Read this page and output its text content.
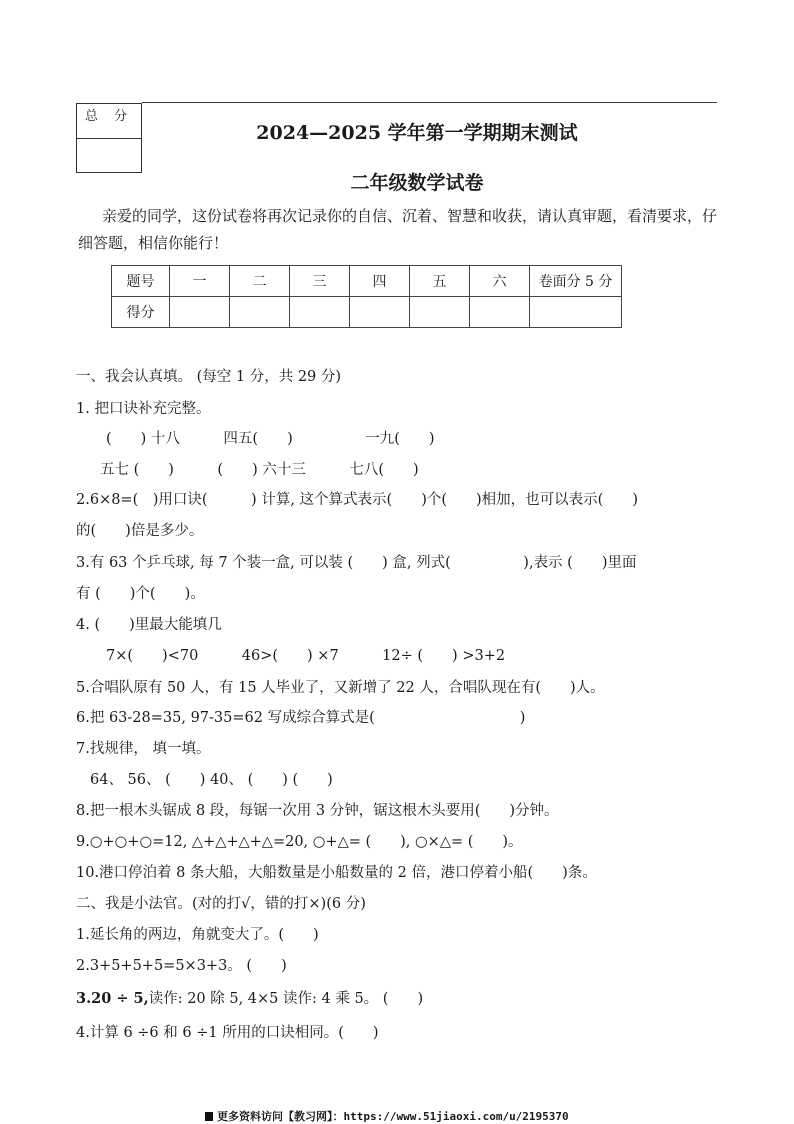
总 分
2024—2025 学年第一学期期末测试
二年级数学试卷
亲爱的同学，这份试卷将再次记录你的自信、沉着、智慧和收获，请认真审题，看清要求，仔细答题，相信你能行！
题号	一	二	三	四	五	六	卷面分 5 分
得分							
一、我会认真填。 (每空 1 分，共 29 分)
1. 把口诀补充完整。
(　　) 十八　　　四五(　　)　　　　　一九(　　)
五七 (　　)　　　(　　) 六十三　　　七八(　　)
2.6×8=(　)用口诀(　　　) 计算, 这个算式表示(　　)个(　　)相加，也可以表示(　　)
的(　　)倍是多少。
3.有 63 个乒乓球, 每 7 个装一盒, 可以装 (　　) 盒, 列式(　　　　　),表示 (　　)里面
有 (　　)个(　　)。
4. (　　)里最大能填几
7×(　　)<70　　　46>(　　) ×7　　　12÷ (　　) >3+2
5.合唱队原有 50 人，有 15 人毕业了，又新增了 22 人，合唱队现在有(　　)人。
6.把 63-28=35, 97-35=62 写成综合算式是(　　　　　　　　　　)
7.找规律， 填一填。
64、 56、 (　　) 40、 (　　) (　　)
8.把一根木头锯成 8 段，每锯一次用 3 分钟，锯这根木头要用(　　)分钟。
9.○+○+○=12, △+△+△+△=20, ○+△= (　　), ○×△= (　　)。
10.港口停泊着 8 条大船，大船数量是小船数量的 2 倍，港口停着小船(　　)条。
二、我是小法官。(对的打√，错的打×)(6 分)
1.延长角的两边，角就变大了。(　　)
2.3+5+5+5=5×3+3。 (　　)
3.20 ÷ 5,读作: 20 除 5, 4×5 读作: 4 乘 5。 (　　)
4.计算 6 ÷6 和 6 ÷1 所用的口诀相同。(　　)
更多资料访问【教习网】：https://www.51jiaoxi.com/u/2195370
